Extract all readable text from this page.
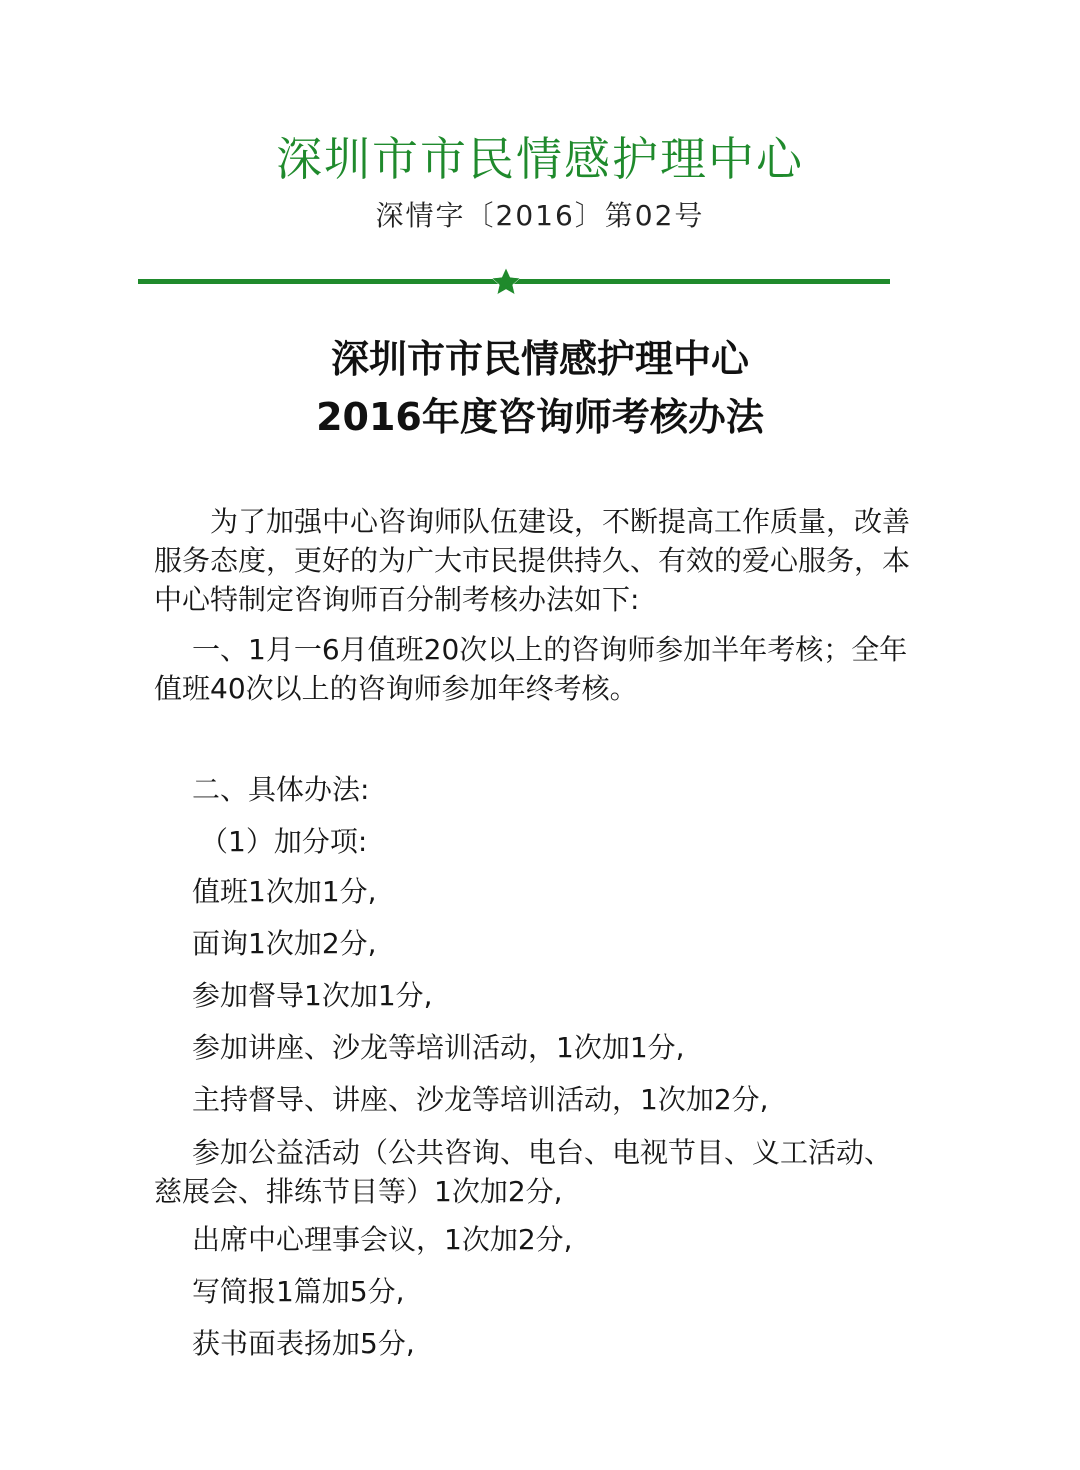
深圳市市民情感护理中心
深情字〔2016〕第02号
深圳市市民情感护理中心
2016年度咨询师考核办法
为了加强中心咨询师队伍建设，不断提高工作质量，改善服务态度，更好的为广大市民提供持久、有效的爱心服务，本中心特制定咨询师百分制考核办法如下:
一、1月一6月值班20次以上的咨询师参加半年考核；全年值班40次以上的咨询师参加年终考核。
二、具体办法:
（1）加分项:
值班1次加1分,
面询1次加2分,
参加督导1次加1分,
参加讲座、沙龙等培训活动，1次加1分,
主持督导、讲座、沙龙等培训活动，1次加2分,
参加公益活动（公共咨询、电台、电视节目、义工活动、慈展会、排练节目等）1次加2分,
出席中心理事会议，1次加2分,
写简报1篇加5分,
获书面表扬加5分,
